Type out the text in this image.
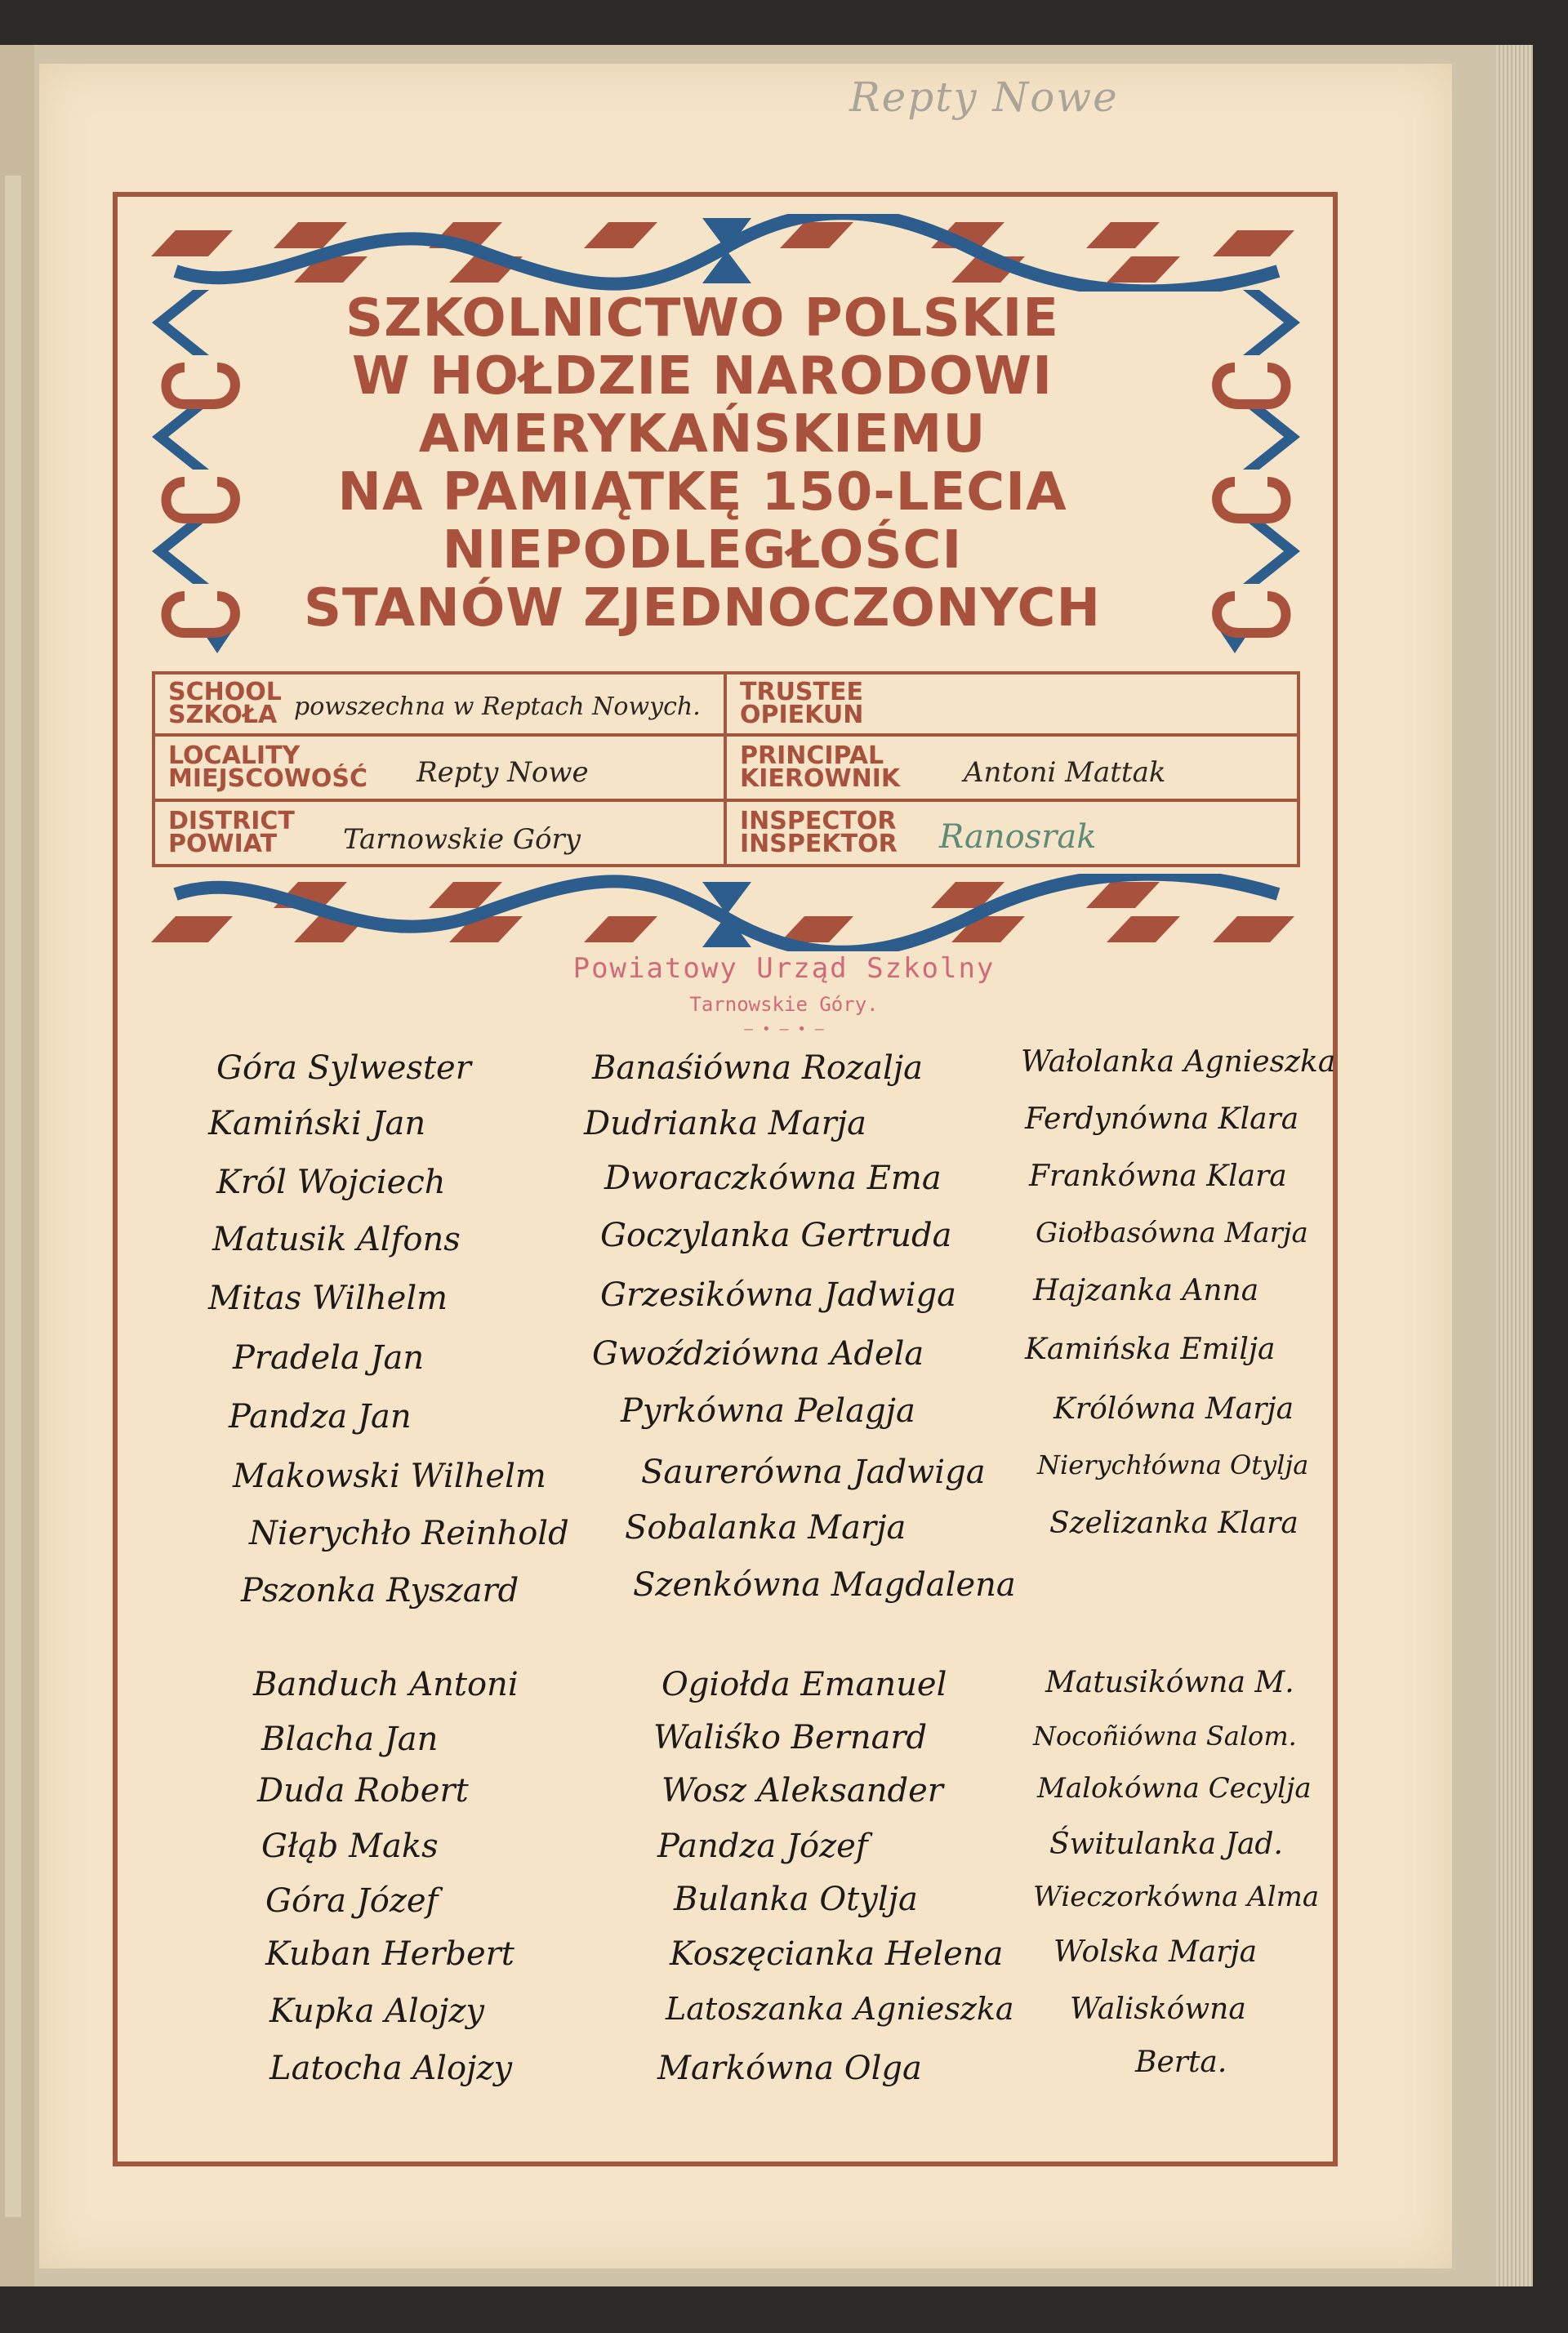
Repty Nowe
SZKOLNICTWO POLSKIE
W HOŁDZIE NARODOWI
AMERYKAŃSKIEMU
NA PAMIĄTKĘ 150-LECIA
NIEPODLEGŁOŚCI
STANÓW ZJEDNOCZONYCH
SCHOOL
SZKOŁA powszechna w Reptach Nowych.
TRUSTEE
OPIEKUN
LOCALITY
MIEJSCOWOŚĆ Repty Nowe
PRINCIPAL
KIEROWNIK Antoni Mattak
DISTRICT
POWIAT Tarnowskie Góry
INSPECTOR
INSPEKTOR Ranosrak
Powiatowy Urząd Szkolny
Tarnowskie Góry.
— • — • —
Góra Sylwester
Kamiński Jan
Król Wojciech
Matusik Alfons
Mitas Wilhelm
Pradela Jan
Pandza Jan
Makowski Wilhelm
Nierychło Reinhold
Pszonka Ryszard
Banaśiówna Rozalja
Dudrianka Marja
Dworaczkówna Ema
Goczylanka Gertruda
Grzesikówna Jadwiga
Gwoździówna Adela
Pyrkówna Pelagja
Saurerówna Jadwiga
Sobalanka Marja
Szenkówna Magdalena
Wałolanka Agnieszka
Ferdynówna Klara
Frankówna Klara
Giołbasówna Marja
Hajzanka Anna
Kamińska Emilja
Królówna Marja
Nierychłówna Otylja
Szelizanka Klara
Banduch Antoni
Blacha Jan
Duda Robert
Głąb Maks
Góra Józef
Kuban Herbert
Kupka Alojzy
Latocha Alojzy
Ogiołda Emanuel
Waliśko Bernard
Wosz Aleksander
Pandza Józef
Bulanka Otylja
Koszęcianka Helena
Latoszanka Agnieszka
Markówna Olga
Matusikówna M.
Nocoñiówna Salom.
Malokówna Cecylja
Świtulanka Jad.
Wieczorkówna Alma
Wolska Marja
Waliskówna
Berta.
